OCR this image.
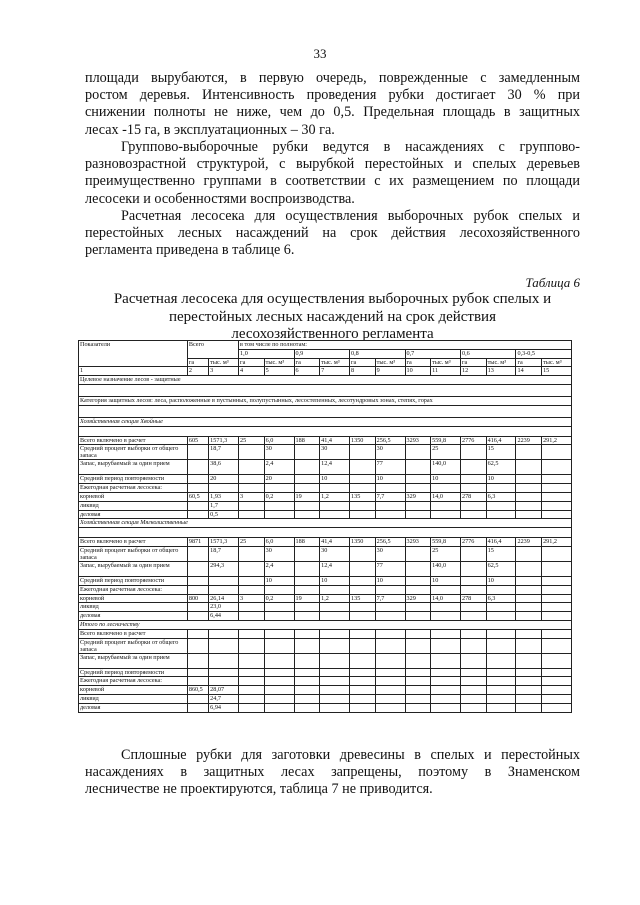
33
площади вырубаются, в первую очередь, поврежденные с замедленным
ростом деревья. Интенсивность проведения рубки достигает 30 % при
снижении полноты не ниже, чем до 0,5. Предельная площадь в защитных
лесах -15 га, в эксплуатационных – 30 га.
Группово-выборочные рубки ведутся в насаждениях с группово-
разновозрастной структурой, с вырубкой перестойных и спелых деревьев
преимущественно группами в соответствии с их размещением по площади
лесосеки и особенностями воспроизводства.
Расчетная лесосека для осуществления выборочных рубок спелых и
перестойных лесных насаждений на срок действия лесохозяйственного
регламента приведена в таблице 6.
Таблица 6
Расчетная лесосека для осуществления выборочных рубок спелых и
перестойных лесных насаждений на срок действия
лесохозяйственного регламента
Показатели	Всего		в том числе по полнотам:											
			1,0		0,9		0,8		0,7		0,6		0,3-0,5	
	га	тыс. м³	га	тыс. м³	га	тыс. м³	га	тыс. м³	га	тыс. м³	га	тыс. м³	га	тыс. м³
1	2	3	4	5	6	7	8	9	10	11	12	13	14	15
Целевое назначение лесов - защитные														

Категория защитных лесов: леса, расположенные в пустынных, полупустынных, лесостепенных, лесотундровых зонах, степях, горах														

Хозяйственная секция Хвойные														

Всего включено в расчет	605	1571,3	25	6,0	188	41,4	1350	256,5	3293	559,8	2776	416,4	2239	291,2
Средний процент выборки от общего запаса		18,7		30		30		30		25		15		
Запас, вырубаемый за один прием		38,6		2,4		12,4		77		140,0		62,5		
Средний период повторяемости		20		20		10		10		10		10		
Ежегодная расчетная лесосека:														
корневой	60,5	1,93	3	0,2	19	1,2	135	7,7	329	14,0	278	6,3		
ликвид		1,7												
деловая		0,5												
Хозяйственная секция Мягколиственные														

Всего включено в расчет	9871	1571,3	25	6,0	188	41,4	1350	256,5	3293	559,8	2776	416,4	2239	291,2
Средний процент выборки от общего запаса		18,7		30		30		30		25		15		
Запас, вырубаемый за один прием		294,3		2,4		12,4		77		140,0		62,5		
Средний период повторяемости				10		10		10		10		10		
Ежегодная расчетная лесосека:														
корневой	800	26,14	3	0,2	19	1,2	135	7,7	329	14,0	278	6,3		
ликвид		23,0												
деловая		6,44												
Итого по лесничеству														
Всего включено в расчет														
Средний процент выборки от общего запаса														
Запас, вырубаемый за один прием														
Средний период повторяемости														
Ежегодная расчетная лесосека:														
корневой	860,5	28,07												
ликвид		24,7												
деловая		6,94												
Сплошные рубки для заготовки древесины в спелых и перестойных
насаждениях в защитных лесах запрещены, поэтому в Знаменском
лесничестве не проектируются, таблица 7 не приводится.
